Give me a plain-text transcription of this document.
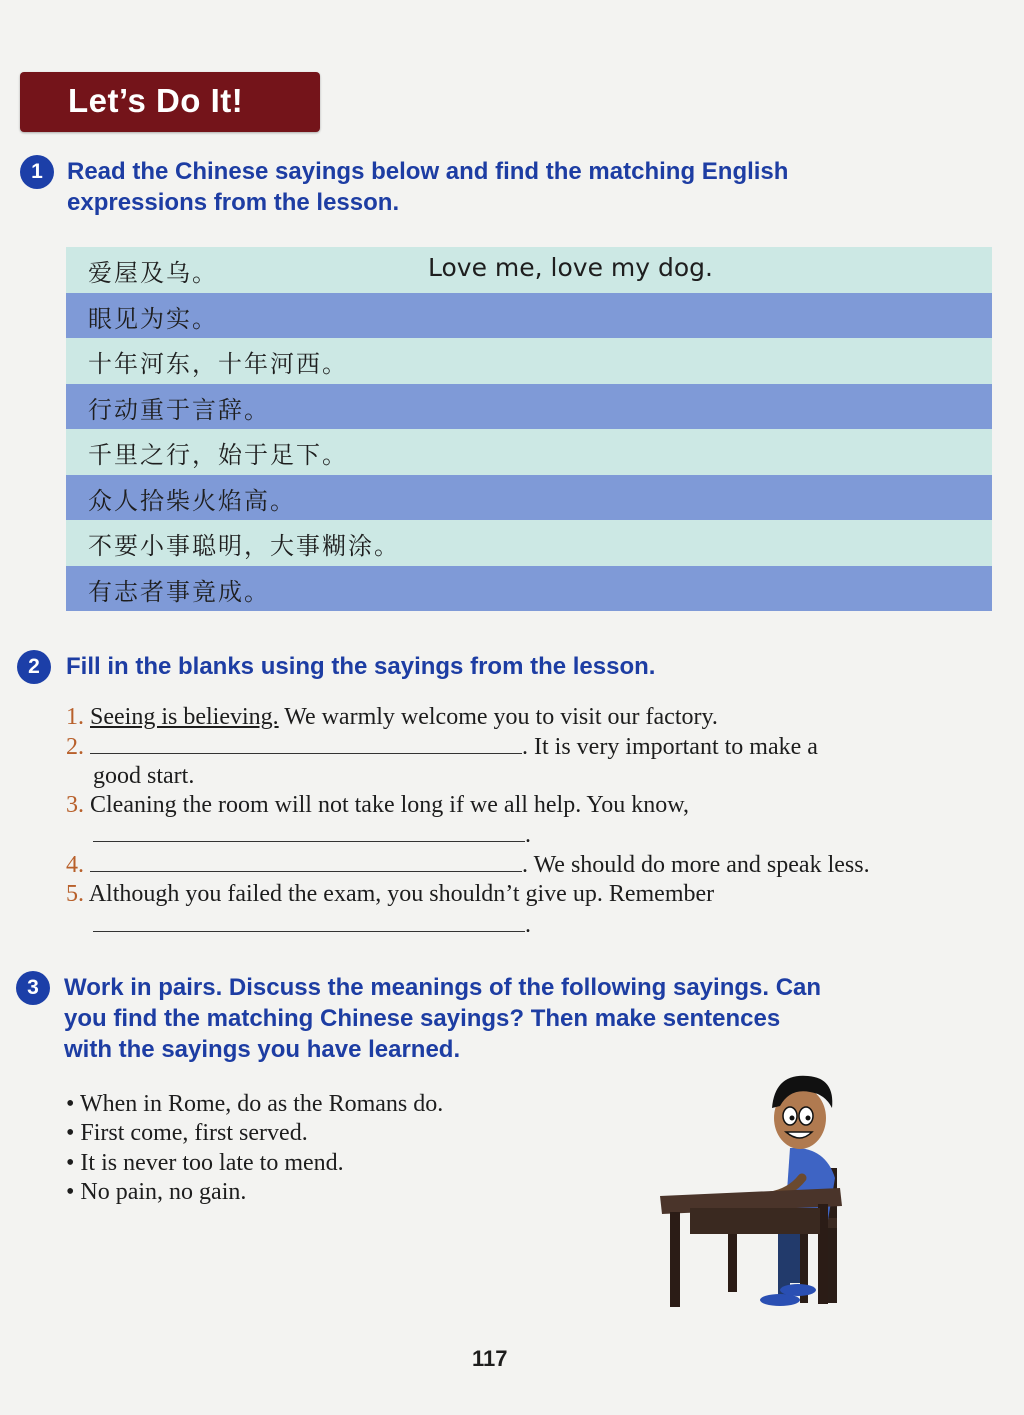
Let’s Do It!
1	Read the Chinese sayings below and find the matching English
expressions from the lesson.
爱屋及乌。	Love me, love my dog.
眼见为实。
十年河东，十年河西。
行动重于言辞。
千里之行，始于足下。
众人拾柴火焰高。
不要小事聪明，大事糊涂。
有志者事竟成。
2	Fill in the blanks using the sayings from the lesson.
1. Seeing is believing. We warmly welcome you to visit our factory.
2.	. It is very important to make a
good start.
3. Cleaning the room will not take long if we all help. You know,
.
4.	. We should do more and speak less.
5. Although you failed the exam, you shouldn’t give up. Remember
.
3	Work in pairs. Discuss the meanings of the following sayings. Can
you find the matching Chinese sayings? Then make sentences
with the sayings you have learned.
• When in Rome, do as the Romans do.
• First come, first served.
• It is never too late to mend.
• No pain, no gain.
117
